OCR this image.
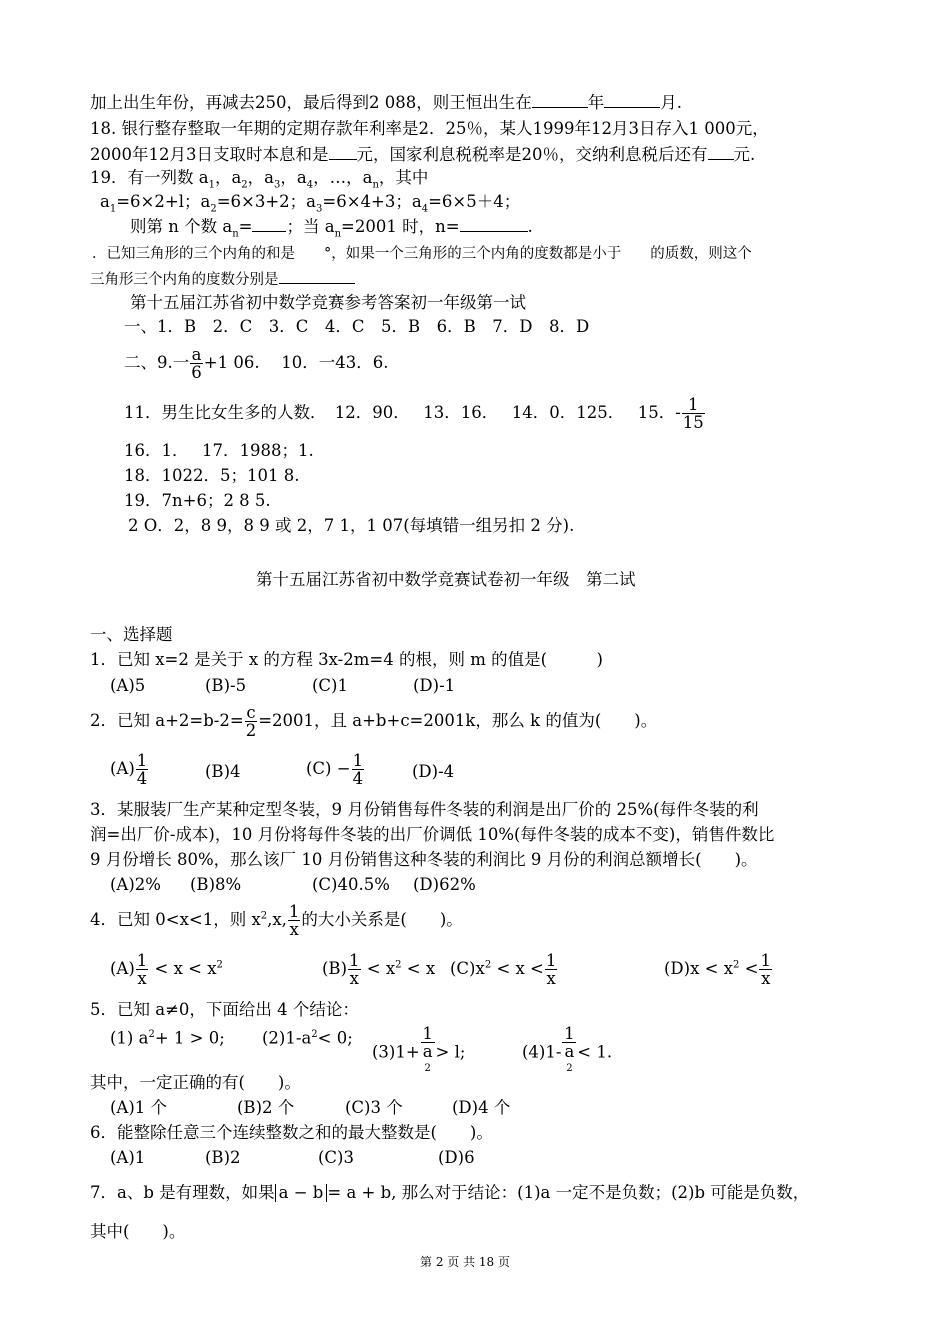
加上出生年份，再减去250，最后得到2 088，则王恒出生在	年	月.
18. 银行整存整取一年期的定期存款年利率是2．25％，某人1999年12月3日存入1 000元，
2000年12月3日支取时本息和是 元，国家利息税税率是20％，交纳利息税后还有 元.
19．有一列数 $a_1$，$a_2$，$a_3$，$a_4$，…，$a_n$，其中
$a_1=6\times 2+l$；$a_2=6\times 3+2$；$a_3=6\times 4+3$；$a_4=6\times 5+4$；
则第 n 个数 $a_n=$ ；当 $a_n=2001$ 时，n=	.
．已知三角形的三个内角的和是　　°，如果一个三角形的三个内角的度数都是小于　　的质数，则这个
三角形三个内角的度数分别是
第十五届江苏省初中数学竞赛参考答案初一年级第一试
一、1．B　2．C　3．C　4．C　5．B　6．B　7．D　8．D
二、9.一 $\frac{a}{6} +1$ 06.　 10．一43．6.
11．男生比女生多的人数．　12．90．　 13．16．　 14．0．125．　 15．- $\frac{1}{15}$
16．1．　 17．1988；1.
18．1022．5；101 8.
19．7n+6；2 8 5.
2 O．2，8 9，8 9 或 2，7 1，1 07(每填错一组另扣 2 分).
第十五届江苏省初中数学竞赛试卷初一年级　第二试
一、选择题
1．已知 x=2 是关于 x 的方程 3x-2m=4 的根，则 m 的值是(　　　)
(A)5	(B)-5	(C)1	(D)-1
2．已知 $a+2=b-2= \frac{c}{2} =2001$，且 a+b+c=2001k，那么 k 的值为(　　)。
$(A) \frac{1}{4}$	(B)4	$(C) - \frac{1}{4}$	(D)-4
3．某服装厂生产某种定型冬装，9 月份销售每件冬装的利润是出厂价的 25%(每件冬装的利
润=出厂价-成本)，10 月份将每件冬装的出厂价调低 10%(每件冬装的成本不变)，销售件数比
9 月份增长 80%，那么该厂 10 月份销售这种冬装的利润比 9 月份的利润总额增长(　　)。
(A)2% (B)8%	(C)40.5% (D)62%
4．已知 0<x<1，则 $x^2,x$, $\frac{1}{x}$ 的大小关系是(　　)。
$(A) \frac{1}{x} < x < x^2$	$(B) \frac{1}{x} < x^2 < x$ $(C)x^2 < x < \frac{1}{x}$	$(D)x < x^2 < \frac{1}{x}$
5．已知 a≠0，下面给出 4 个结论：
(1) $a^2+ 1 > 0$; $(2)1-a^2< 0$;
(3)1+ 1
a
$^2$ > l;	(4)1- 1
a
$^2$ < 1.
其中，一定正确的有(　　)。
(A)1 个	(B)2 个	(C)3 个	(D)4 个
6．能整除任意三个连续整数之和的最大整数是(　　)。
(A)1	(B)2	(C)3	(D)6
7．a、b 是有理数，如果 a − b = a + b, 那么对于结论：(1)a 一定不是负数；(2)b 可能是负数，
其中(　　)。
第 2 页 共 18 页
